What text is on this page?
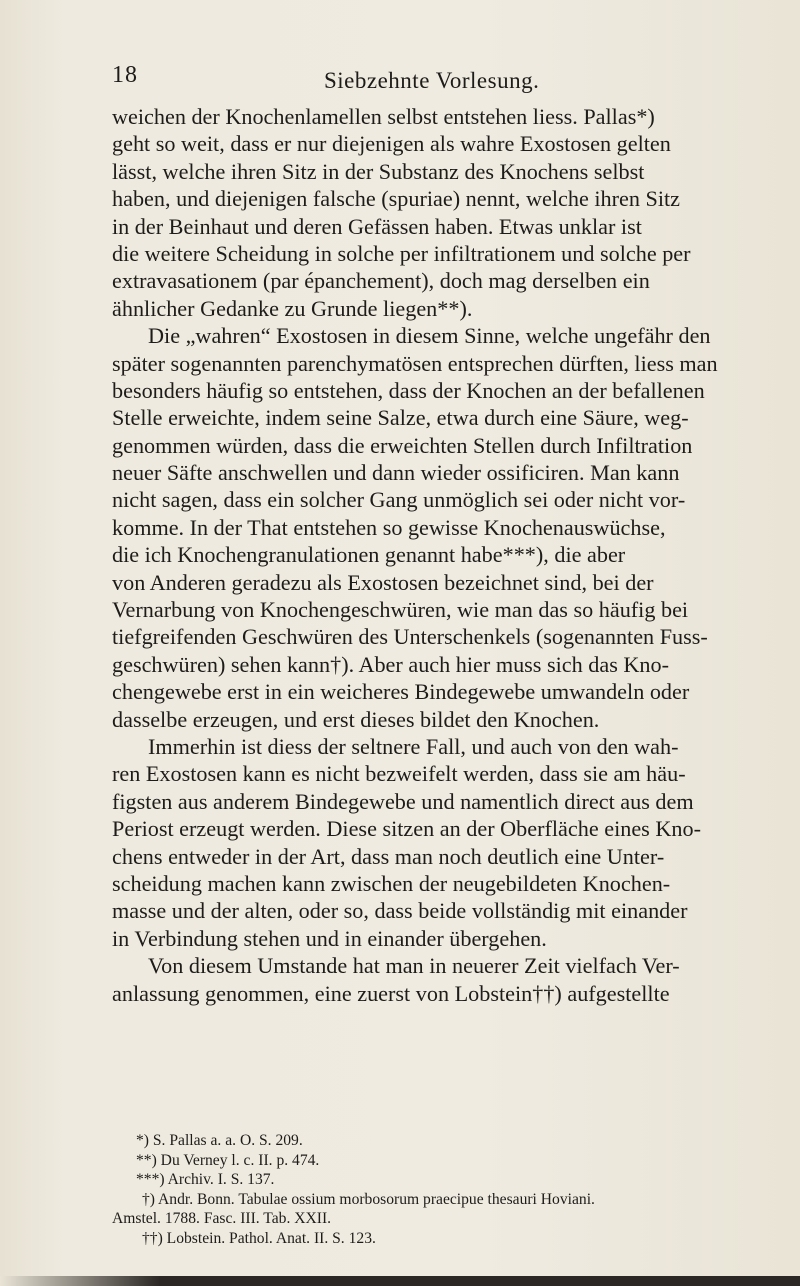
18	Siebzehnte Vorlesung.
weichen der Knochenlamellen selbst entstehen liess. Pallas*)
geht so weit, dass er nur diejenigen als wahre Exostosen gelten
lässt, welche ihren Sitz in der Substanz des Knochens selbst
haben, und diejenigen falsche (spuriae) nennt, welche ihren Sitz
in der Beinhaut und deren Gefässen haben. Etwas unklar ist
die weitere Scheidung in solche per infiltrationem und solche per
extravasationem (par épanchement), doch mag derselben ein
ähnlicher Gedanke zu Grunde liegen**).
Die „wahren“ Exostosen in diesem Sinne, welche ungefähr den
später sogenannten parenchymatösen entsprechen dürften, liess man
besonders häufig so entstehen, dass der Knochen an der befallenen
Stelle erweichte, indem seine Salze, etwa durch eine Säure, weg-
genommen würden, dass die erweichten Stellen durch Infiltration
neuer Säfte anschwellen und dann wieder ossificiren. Man kann
nicht sagen, dass ein solcher Gang unmöglich sei oder nicht vor-
komme. In der That entstehen so gewisse Knochenauswüchse,
die ich Knochengranulationen genannt habe***), die aber
von Anderen geradezu als Exostosen bezeichnet sind, bei der
Vernarbung von Knochengeschwüren, wie man das so häufig bei
tiefgreifenden Geschwüren des Unterschenkels (sogenannten Fuss-
geschwüren) sehen kann†). Aber auch hier muss sich das Kno-
chengewebe erst in ein weicheres Bindegewebe umwandeln oder
dasselbe erzeugen, und erst dieses bildet den Knochen.
Immerhin ist diess der seltnere Fall, und auch von den wah-
ren Exostosen kann es nicht bezweifelt werden, dass sie am häu-
figsten aus anderem Bindegewebe und namentlich direct aus dem
Periost erzeugt werden. Diese sitzen an der Oberfläche eines Kno-
chens entweder in der Art, dass man noch deutlich eine Unter-
scheidung machen kann zwischen der neugebildeten Knochen-
masse und der alten, oder so, dass beide vollständig mit einander
in Verbindung stehen und in einander übergehen.
Von diesem Umstande hat man in neuerer Zeit vielfach Ver-
anlassung genommen, eine zuerst von Lobstein††) aufgestellte
*) S. Pallas a. a. O. S. 209.
**) Du Verney l. c. II. p. 474.
***) Archiv. I. S. 137.
†) Andr. Bonn. Tabulae ossium morbosorum praecipue thesauri Hoviani.
Amstel. 1788. Fasc. III. Tab. XXII.
††) Lobstein. Pathol. Anat. II. S. 123.
